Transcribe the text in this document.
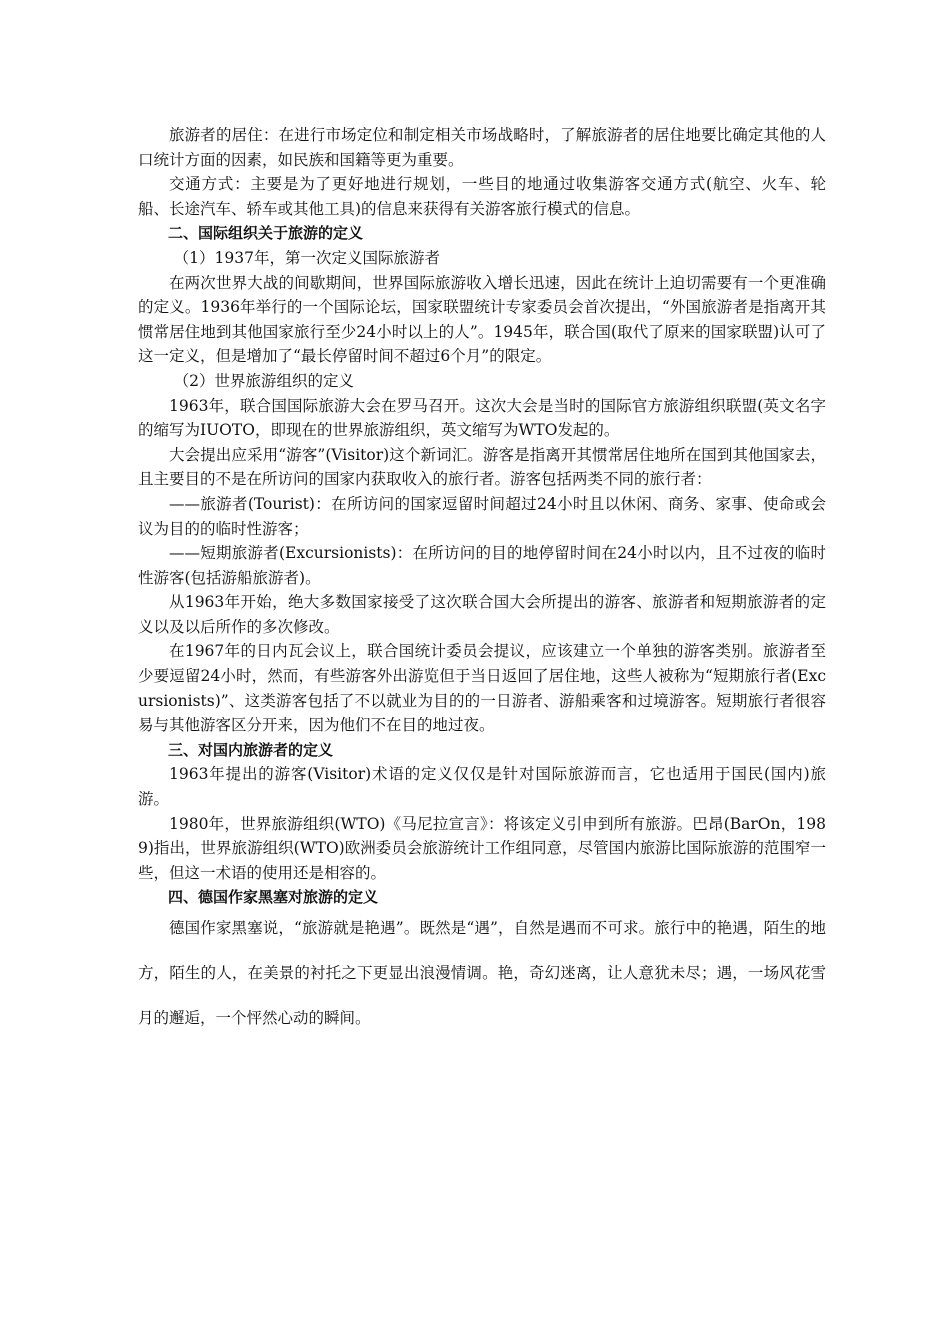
旅游者的居住：在进行市场定位和制定相关市场战略时，了解旅游者的居住地要比确定其他的人口统计方面的因素，如民族和国籍等更为重要。

交通方式：主要是为了更好地进行规划，一些目的地通过收集游客交通方式(航空、火车、轮船、长途汽车、轿车或其他工具)的信息来获得有关游客旅行模式的信息。

二、国际组织关于旅游的定义

（1）1937年，第一次定义国际旅游者

在两次世界大战的间歇期间，世界国际旅游收入增长迅速，因此在统计上迫切需要有一个更准确的定义。1936年举行的一个国际论坛，国家联盟统计专家委员会首次提出，“外国旅游者是指离开其惯常居住地到其他国家旅行至少24小时以上的人”。1945年，联合国(取代了原来的国家联盟)认可了这一定义，但是增加了“最长停留时间不超过6个月”的限定。

（2）世界旅游组织的定义

1963年，联合国国际旅游大会在罗马召开。这次大会是当时的国际官方旅游组织联盟(英文名字的缩写为IUOTO，即现在的世界旅游组织，英文缩写为WTO发起的。

大会提出应采用“游客”(Visitor)这个新词汇。游客是指离开其惯常居住地所在国到其他国家去，且主要目的不是在所访问的国家内获取收入的旅行者。游客包括两类不同的旅行者：

——旅游者(Tourist)：在所访问的国家逗留时间超过24小时且以休闲、商务、家事、使命或会议为目的的临时性游客；

——短期旅游者(Excursionists)：在所访问的目的地停留时间在24小时以内，且不过夜的临时性游客(包括游船旅游者)。

从1963年开始，绝大多数国家接受了这次联合国大会所提出的游客、旅游者和短期旅游者的定义以及以后所作的多次修改。

在1967年的日内瓦会议上，联合国统计委员会提议，应该建立一个单独的游客类别。旅游者至少要逗留24小时，然而，有些游客外出游览但于当日返回了居住地，这些人被称为“短期旅行者(Excursionists)”、这类游客包括了不以就业为目的的一日游者、游船乘客和过境游客。短期旅行者很容易与其他游客区分开来，因为他们不在目的地过夜。

三、对国内旅游者的定义

1963年提出的游客(Visitor)术语的定义仅仅是针对国际旅游而言，它也适用于国民(国内)旅游。

1980年，世界旅游组织(WTO)《马尼拉宣言》：将该定义引申到所有旅游。巴昂(BarOn，1989)指出，世界旅游组织(WTO)欧洲委员会旅游统计工作组同意，尽管国内旅游比国际旅游的范围窄一些，但这一术语的使用还是相容的。

四、德国作家黑塞对旅游的定义

德国作家黑塞说，“旅游就是艳遇”。既然是“遇”，自然是遇而不可求。旅行中的艳遇，陌生的地方，陌生的人，在美景的衬托之下更显出浪漫情调。艳，奇幻迷离，让人意犹未尽；遇，一场风花雪月的邂逅，一个怦然心动的瞬间。
